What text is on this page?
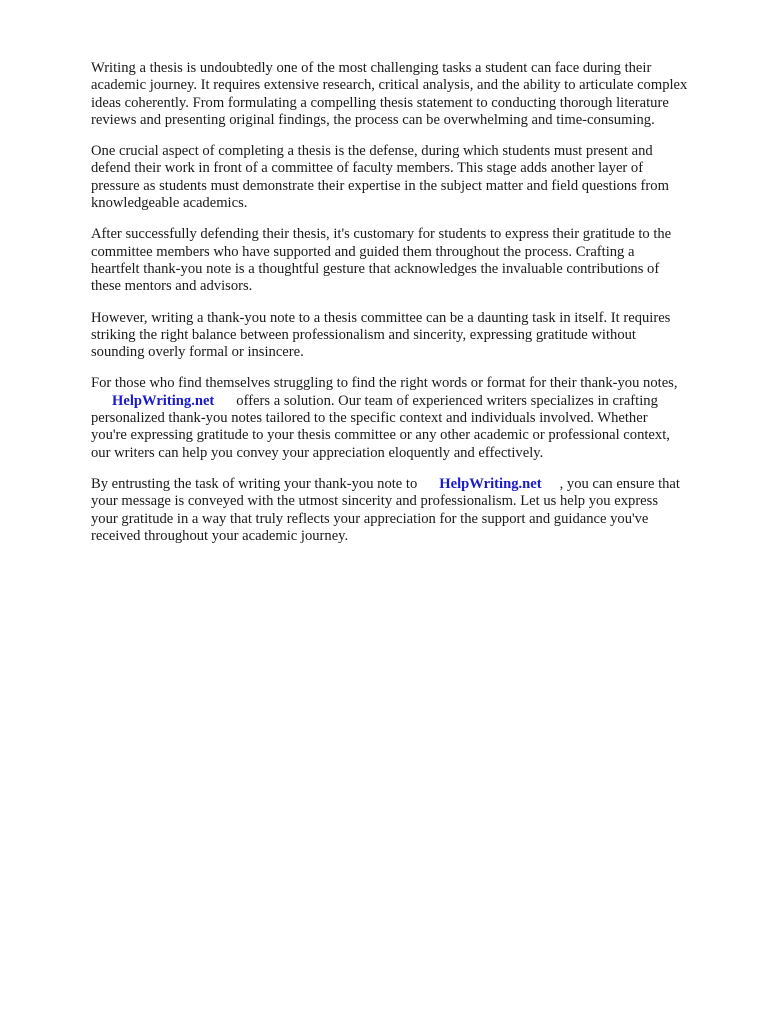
Writing a thesis is undoubtedly one of the most challenging tasks a student can face during their
academic journey. It requires extensive research, critical analysis, and the ability to articulate complex
ideas coherently. From formulating a compelling thesis statement to conducting thorough literature
reviews and presenting original findings, the process can be overwhelming and time-consuming.

One crucial aspect of completing a thesis is the defense, during which students must present and
defend their work in front of a committee of faculty members. This stage adds another layer of
pressure as students must demonstrate their expertise in the subject matter and field questions from
knowledgeable academics.

After successfully defending their thesis, it's customary for students to express their gratitude to the
committee members who have supported and guided them throughout the process. Crafting a
heartfelt thank-you note is a thoughtful gesture that acknowledges the invaluable contributions of
these mentors and advisors.

However, writing a thank-you note to a thesis committee can be a daunting task in itself. It requires
striking the right balance between professionalism and sincerity, expressing gratitude without
sounding overly formal or insincere.

For those who find themselves struggling to find the right words or format for their thank-you notes,
HelpWriting.net offers a solution. Our team of experienced writers specializes in crafting
personalized thank-you notes tailored to the specific context and individuals involved. Whether
you're expressing gratitude to your thesis committee or any other academic or professional context,
our writers can help you convey your appreciation eloquently and effectively.

By entrusting the task of writing your thank-you note to HelpWriting.net , you can ensure that
your message is conveyed with the utmost sincerity and professionalism. Let us help you express
your gratitude in a way that truly reflects your appreciation for the support and guidance you've
received throughout your academic journey.
